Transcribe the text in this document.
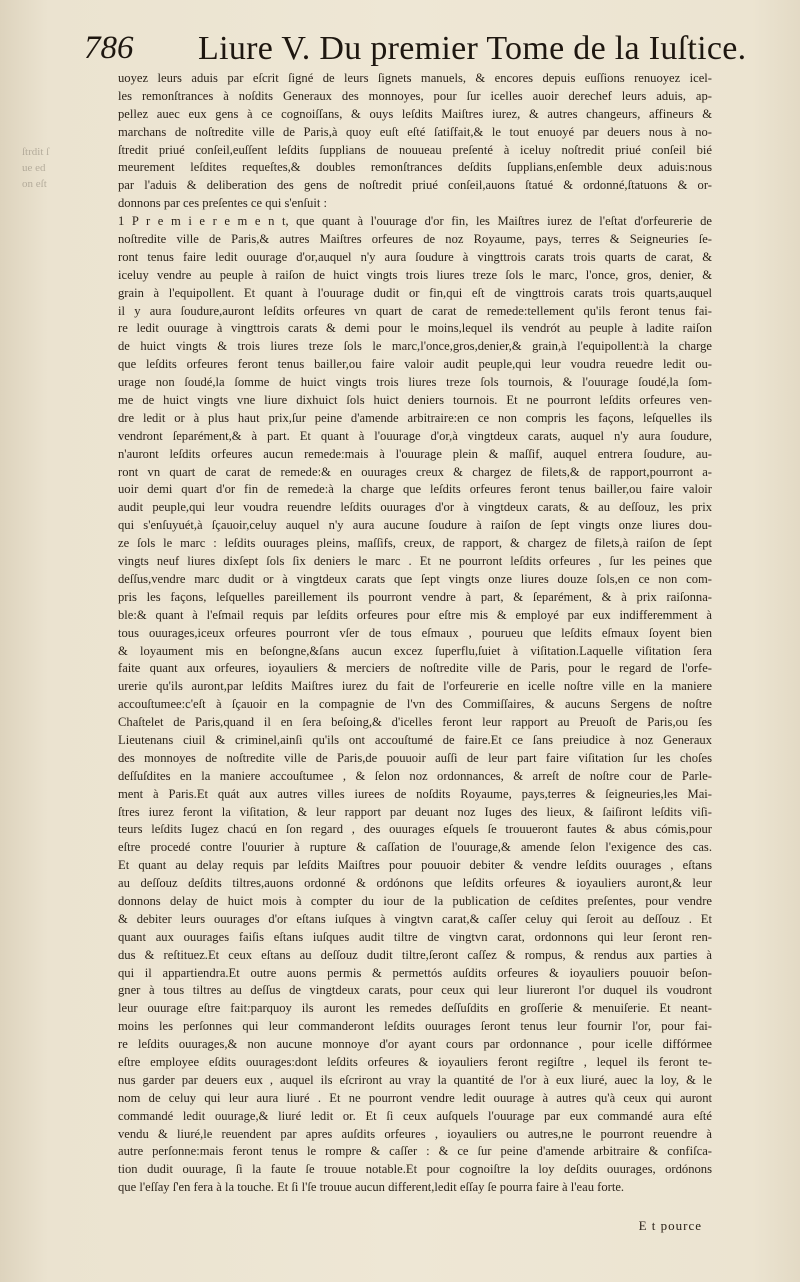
786 Liure V. Du premier Tome de la Iuſtice.
ſtrdit ſ
ue ed
on eſt
uoyez leurs aduis par eſcrit ſigné de leurs ſignets manuels, & encores depuis euſſions renuoyez icel-
les remonſtrances à noſdits Generaux des monnoyes, pour ſur icelles auoir derechef leurs aduis, ap-
pellez auec eux gens à ce cognoiſſans, & ouys leſdits Maiſtres iurez, & autres changeurs, affineurs &
marchans de noſtredite ville de Paris,à quoy euſt eſté ſatiſfait,& le tout enuoyé par deuers nous à no-
ſtredit priué conſeil,euſſent leſdits ſupplians de nouueau preſenté à iceluy noſtredit priué conſeil bié
meurement leſdites requeſtes,& doubles remonſtrances deſdits ſupplians,enſemble deux aduis:nous
par l'aduis & deliberation des gens de noſtredit priué conſeil,auons ſtatué & ordonné,ſtatuons & or-
donnons par ces preſentes ce qui s'enſuit :
1 P r e m i e r e m e n t, que quant à l'ouurage d'or fin, les Maiſtres iurez de l'eſtat d'orfeurerie de
noſtredite ville de Paris,& autres Maiſtres orfeures de noz Royaume, pays, terres & Seigneuries ſe-
ront tenus faire ledit ouurage d'or,auquel n'y aura ſoudure à vingttrois carats trois quarts de carat, &
iceluy vendre au peuple à raiſon de huict vingts trois liures treze ſols le marc, l'once, gros, denier, &
grain à l'equipollent. Et quant à l'ouurage dudit or fin,qui eſt de vingttrois carats trois quarts,auquel
il y aura ſoudure,auront leſdits orfeures vn quart de carat de remede:tellement qu'ils feront tenus fai-
re ledit ouurage à vingttrois carats & demi pour le moins,lequel ils vendrót au peuple à ladite raiſon
de huict vingts & trois liures treze ſols le marc,l'once,gros,denier,& grain,à l'equipollent:à la charge
que leſdits orfeures feront tenus bailler,ou faire valoir audit peuple,qui leur voudra reuedre ledit ou-
urage non ſoudé,la ſomme de huict vingts trois liures treze ſols tournois, & l'ouurage ſoudé,la ſom-
me de huict vingts vne liure dixhuict ſols huict deniers tournois. Et ne pourront leſdits orfeures ven-
dre ledit or à plus haut prix,ſur peine d'amende arbitraire:en ce non compris les façons, leſquelles ils
vendront ſeparément,& à part. Et quant à l'ouurage d'or,à vingtdeux carats, auquel n'y aura ſoudure,
n'auront leſdits orfeures aucun remede:mais à l'ouurage plein & maſſif, auquel entrera ſoudure, au-
ront vn quart de carat de remede:& en ouurages creux & chargez de filets,& de rapport,pourront a-
uoir demi quart d'or fin de remede:à la charge que leſdits orfeures feront tenus bailler,ou faire valoir
audit peuple,qui leur voudra reuendre leſdits ouurages d'or à vingtdeux carats, & au deſſouz, les prix
qui s'enſuyuét,à ſçauoir,celuy auquel n'y aura aucune ſoudure à raiſon de ſept vingts onze liures dou-
ze ſols le marc : leſdits ouurages pleins, maſſifs, creux, de rapport, & chargez de filets,à raiſon de ſept
vingts neuf liures dixſept ſols ſix deniers le marc . Et ne pourront leſdits orfeures , ſur les peines que
deſſus,vendre marc dudit or à vingtdeux carats que ſept vingts onze liures douze ſols,en ce non com-
pris les façons, leſquelles pareillement ils pourront vendre à part, & ſeparément, & à prix raiſonna-
ble:& quant à l'eſmail requis par leſdits orfeures pour eſtre mis & employé par eux indifferemment à
tous ouurages,iceux orfeures pourront vſer de tous eſmaux , pourueu que leſdits eſmaux ſoyent bien
& loyaument mis en beſongne,&ſans aucun excez ſuperflu,ſuiet à viſitation.Laquelle viſitation ſera
faite quant aux orfeures, ioyauliers & merciers de noſtredite ville de Paris, pour le regard de l'orfe-
urerie qu'ils auront,par leſdits Maiſtres iurez du fait de l'orfeurerie en icelle noſtre ville en la maniere
accouſtumee:c'eſt à ſçauoir en la compagnie de l'vn des Commiſſaires, & aucuns Sergens de noſtre
Chaſtelet de Paris,quand il en ſera beſoing,& d'icelles feront leur rapport au Preuoſt de Paris,ou ſes
Lieutenans ciuil & criminel,ainſi qu'ils ont accouſtumé de faire.Et ce ſans preiudice à noz Generaux
des monnoyes de noſtredite ville de Paris,de pouuoir auſſi de leur part faire viſitation ſur les choſes
deſſuſdites en la maniere accouſtumee , & ſelon noz ordonnances, & arreſt de noſtre cour de Parle-
ment à Paris.Et quát aux autres villes iurees de noſdits Royaume, pays,terres & ſeigneuries,les Mai-
ſtres iurez feront la viſitation, & leur rapport par deuant noz Iuges des lieux, & ſaiſiront leſdits viſi-
teurs leſdits Iugez chacú en ſon regard , des ouurages eſquels ſe trouueront fautes & abus cómis,pour
eſtre procedé contre l'ouurier à rupture & caſſation de l'ouurage,& amende ſelon l'exigence des cas.
Et quant au delay requis par leſdits Maiſtres pour pouuoir debiter & vendre leſdits ouurages , eſtans
au deſſouz deſdits tiltres,auons ordonné & ordónons que leſdits orfeures & ioyauliers auront,& leur
donnons delay de huict mois à compter du iour de la publication de ceſdites preſentes, pour vendre
& debiter leurs ouurages d'or eſtans iuſques à vingtvn carat,& caſſer celuy qui ſeroit au deſſouz . Et
quant aux ouurages faiſis eſtans iuſques audit tiltre de vingtvn carat, ordonnons qui leur ſeront ren-
dus & reſtituez.Et ceux eſtans au deſſouz dudit tiltre,ſeront caſſez & rompus, & rendus aux parties à
qui il appartiendra.Et outre auons permis & permettós auſdits orfeures & ioyauliers pouuoir beſon-
gner à tous tiltres au deſſus de vingtdeux carats, pour ceux qui leur liureront l'or duquel ils voudront
leur ouurage eſtre fait:parquoy ils auront les remedes deſſuſdits en groſſerie & menuiſerie. Et neant-
moins les perſonnes qui leur commanderont leſdits ouurages ſeront tenus leur fournir l'or, pour fai-
re leſdits ouurages,& non aucune monnoye d'or ayant cours par ordonnance , pour icelle diffórmee
eſtre employee eſdits ouurages:dont leſdits orfeures & ioyauliers feront regiſtre , lequel ils feront te-
nus garder par deuers eux , auquel ils eſcriront au vray la quantité de l'or à eux liuré, auec la loy, & le
nom de celuy qui leur aura liuré . Et ne pourront vendre ledit ouurage à autres qu'à ceux qui auront
commandé ledit ouurage,& liuré ledit or. Et ſi ceux auſquels l'ouurage par eux commandé aura eſté
vendu & liuré,le reuendent par apres auſdits orfeures , ioyauliers ou autres,ne le pourront reuendre à
autre perſonne:mais feront tenus le rompre & caſſer : & ce ſur peine d'amende arbitraire & confiſca-
tion dudit ouurage, ſi la faute ſe trouue notable.Et pour cognoiſtre la loy deſdits ouurages, ordónons
que l'eſſay ſ'en fera à la touche. Et ſi l'ſe trouue aucun different,ledit eſſay ſe pourra faire à l'eau forte.
E t pource
